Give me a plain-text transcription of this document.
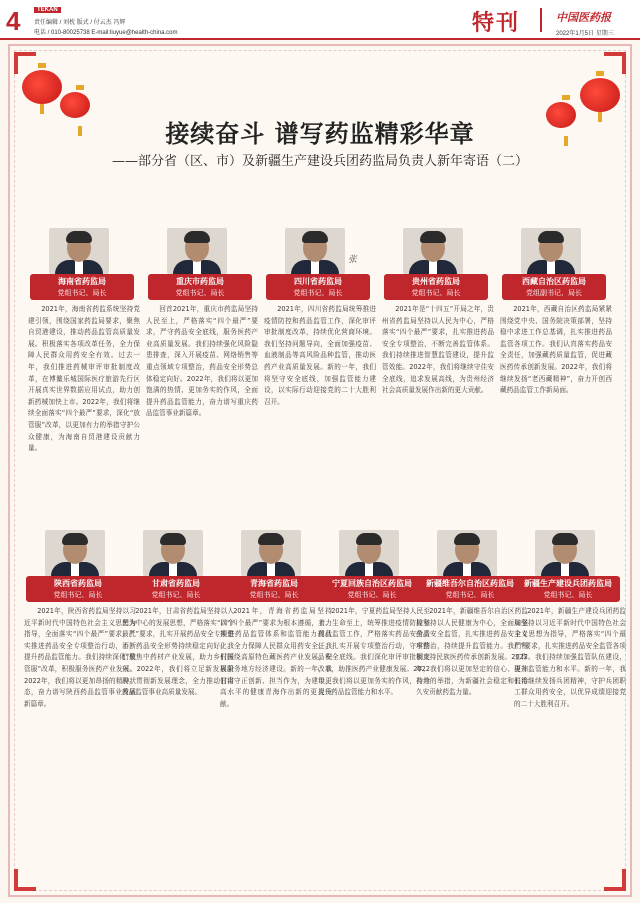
4	TEKAN
责任编辑 / 刘枕 版式 / 付云杰 冯辉
电话 / 010-80025738 E-mail:liuyue@health-china.com	特刊	中国医药报
2022年1月5日 星期三
接续奋斗 谱写药监精彩华章
——部分省（区、市）及新疆生产建设兵团药监局负责人新年寄语（二）
海南省药监局
党组书记、局长

2021年，海南省药监系统坚持党建引领，围绕国家药监局要求，聚焦自贸港建设，推动药品监管高质量发展。积极落实各项改革任务，全力保障人民群众用药安全有效。过去一年，我们推进药械审评审批制度改革，在博鳌乐城国际医疗旅游先行区开展真实世界数据应用试点，助力创新药械加快上市。2022年，我们将继续全面落实“四个最严”要求，深化“放管服”改革，以更加有力的举措守护公众健康，为海南自贸港建设贡献力量。

重庆市药监局
党组书记、局长

回首2021年，重庆市药监局坚持人民至上，严格落实“四个最严”要求，严守药品安全底线，服务医药产业高质量发展。我们持续强化风险隐患排查，深入开展疫苗、网络销售等重点领域专项整治，药品安全形势总体稳定向好。2022年，我们将以更加饱满的热情、更加务实的作风，全面提升药品监管能力，奋力谱写重庆药品监管事业新篇章。

张
四川省药监局
党组书记、局长

2021年，四川省药监局统筹推进疫情防控和药品监管工作，深化审评审批制度改革，持续优化营商环境。我们坚持问题导向，全面加强疫苗、血液制品等高风险品种监管，推动医药产业高质量发展。新的一年，我们将坚守安全底线，加强监管能力建设，以实际行动迎接党的二十大胜利召开。

贵州省药监局
党组书记、局长

2021年是“十四五”开局之年，贵州省药监局坚持以人民为中心，严格落实“四个最严”要求，扎实推进药品安全专项整治，不断完善监管体系。我们持续推进智慧监管建设，提升监管效能。2022年，我们将继续守住安全底线，追求发展高线，为贵州经济社会高质量发展作出新的更大贡献。

西藏自治区药监局
党组副书记、局长

2021年，西藏自治区药监局紧紧围绕党中央、国务院决策部署，坚持稳中求进工作总基调，扎实推进药品监管各项工作。我们认真落实药品安全责任，加强藏药质量监管，促进藏医药传承创新发展。2022年，我们将继续发扬“老西藏精神”，奋力开创西藏药品监管工作新局面。

陕西省药监局
党组书记、局长

2021年，陕西省药监局坚持以习近平新时代中国特色社会主义思想为指导，全面落实“四个最严”要求，扎实推进药品安全专项整治行动，不断提升药品监管能力。我们持续深化“放管服”改革，积极服务医药产业发展。2022年，我们将以更加昂扬的精神状态，奋力谱写陕西药品监管事业发展新篇章。

甘肃省药监局
党组书记、局长

2021年，甘肃省药监局坚持以人民为中心的发展思想，严格落实“四个最严”要求，扎实开展药品安全专项整治，药品安全形势持续稳定向好。我们聚焦中药材产业发展，助力乡村振兴。2022年，我们将立足新发展阶段，贯彻新发展理念，全力推动甘肃药品监管事业高质量发展。

青海省药监局
党组书记、局长

2021年，青海省药监局坚持以“四个最严”要求为根本遵循，着力推进药品监管体系和监管能力现代化，全力保障人民群众用药安全。我们围绕高原特色藏医药产业发展，积极服务地方经济建设。新的一年，我们将守正创新、担当作为，为建设更高水平的健康青海作出新的更大贡献。

宁夏回族自治区药监局
党组书记、局长

2021年，宁夏药监局坚持人民至上、生命至上，统筹推进疫情防控和药品监管工作，严格落实药品安全责任，扎实开展专项整治行动，守牢药品安全底线。我们深化审评审批制度改革，助推医药产业健康发展。2022年，我们将以更加务实的作风，持续提升药品监管能力和水平。

新疆维吾尔自治区药监局
党组书记、局长

2021年，新疆维吾尔自治区药监局坚持以人民健康为中心，全面加强药品安全监管，扎实推进药品安全专项整治，持续提升监管能力。我们积极支持民族医药传承创新发展。2022年，我们将以更加坚定的信心、更加有力的举措，为新疆社会稳定和长治久安贡献药监力量。

新疆生产建设兵团药监局
党组书记、局长

2021年，新疆生产建设兵团药监局坚持以习近平新时代中国特色社会主义思想为指导，严格落实“四个最严”要求，扎实推进药品安全监管各项工作。我们持续加强监管队伍建设，提升监管能力和水平。新的一年，我们将继续发扬兵团精神，守护兵团职工群众用药安全，以优异成绩迎接党的二十大胜利召开。
